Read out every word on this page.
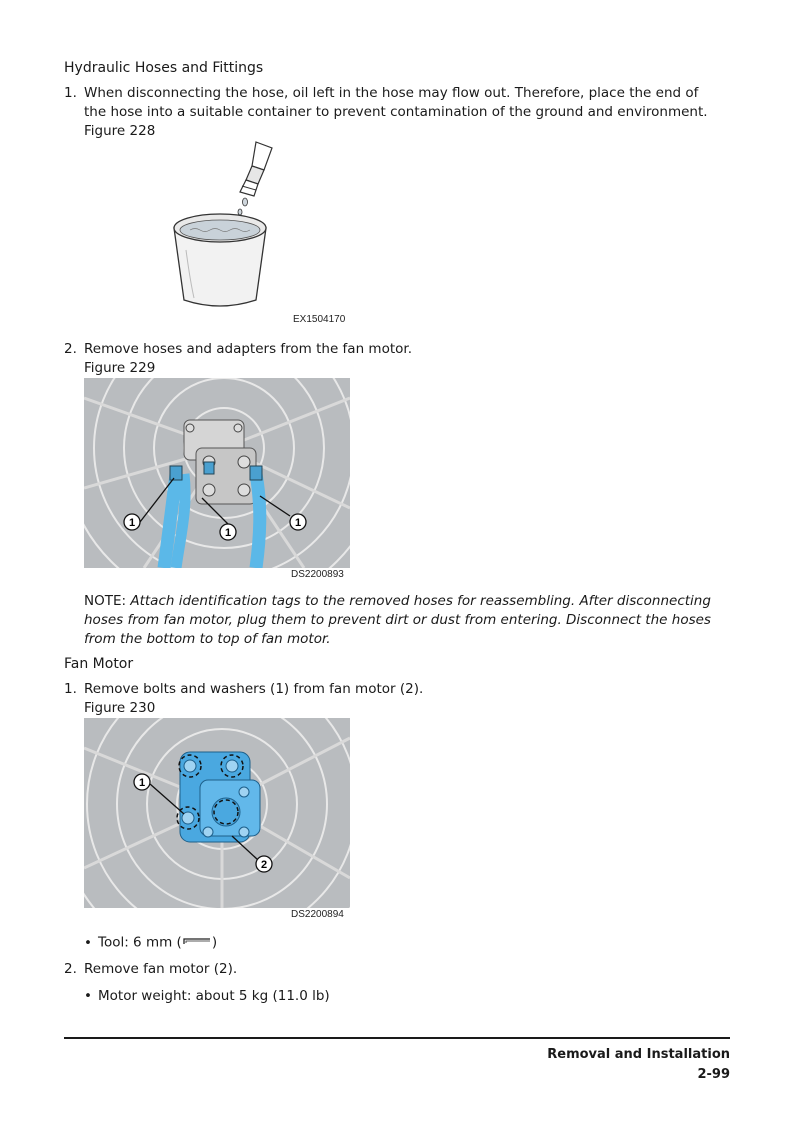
Hydraulic Hoses and Fittings
1. When disconnecting the hose, oil left in the hose may flow out. Therefore, place the end of the hose into a suitable container to prevent contamination of the ground and environment.
Figure 228
EX1504170
2. Remove hoses and adapters from the fan motor.
Figure 229
1
1
1
DS2200893
NOTE: Attach identification tags to the removed hoses for reassembling. After disconnecting hoses from fan motor, plug them to prevent dirt or dust from entering. Disconnect the hoses from the bottom to top of fan motor.
Fan Motor
1. Remove bolts and washers (1) from fan motor (2).
Figure 230
1
2
DS2200894
• Tool: 6 mm ( )
2. Remove fan motor (2).
• Motor weight: about 5 kg (11.0 lb)
Removal and Installation
2-99
